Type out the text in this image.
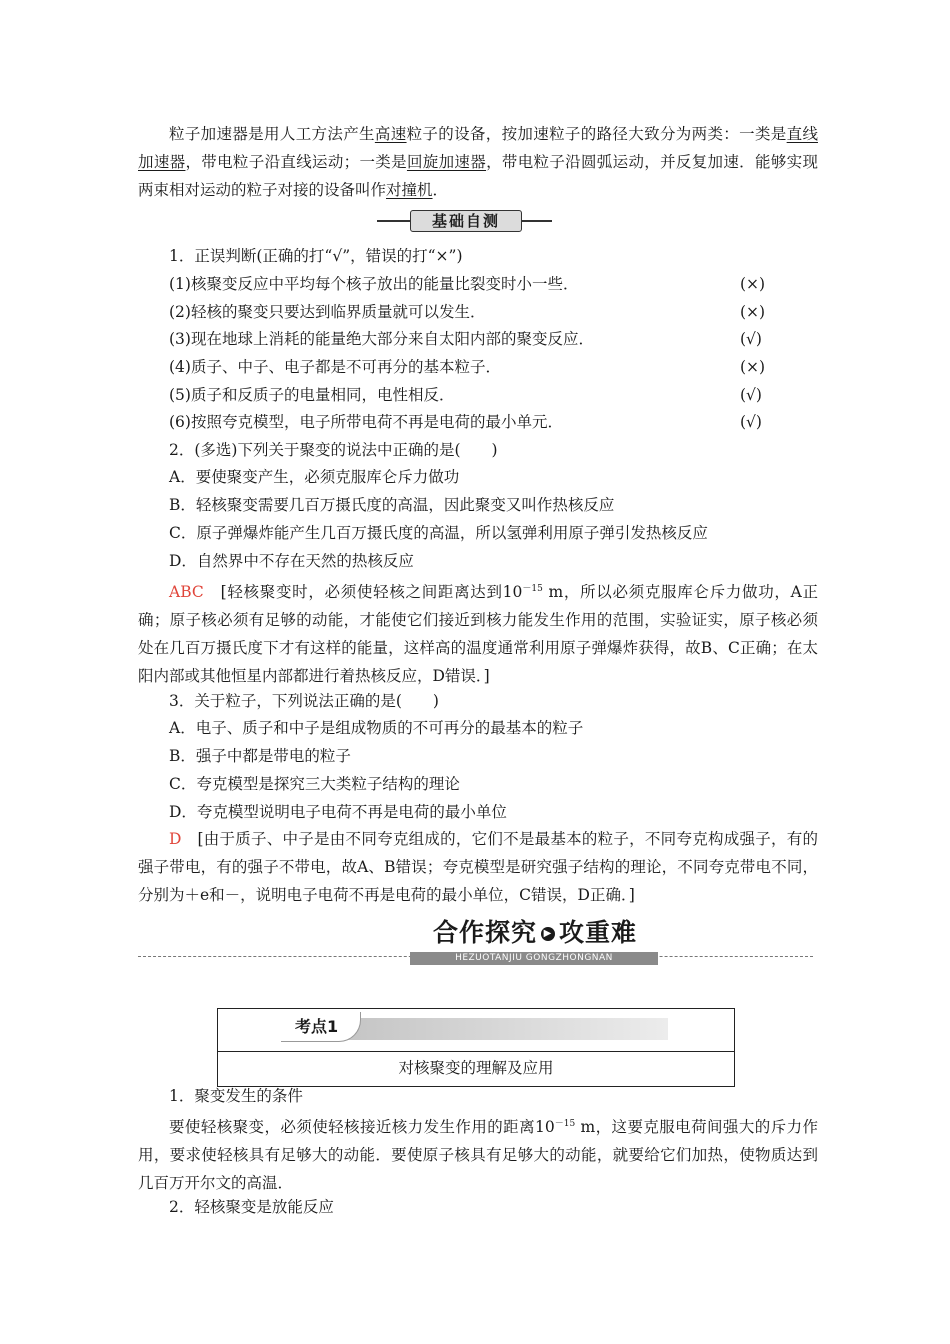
粒子加速器是用人工方法产生高速粒子的设备，按加速粒子的路径大致分为两类：一类是直线加速器，带电粒子沿直线运动；一类是回旋加速器，带电粒子沿圆弧运动，并反复加速．能够实现两束相对运动的粒子对接的设备叫作对撞机．
基础自测
1．正误判断(正确的打“√”，错误的打“×”)
(1)核聚变反应中平均每个核子放出的能量比裂变时小一些．	(×)
(2)轻核的聚变只要达到临界质量就可以发生．	(×)
(3)现在地球上消耗的能量绝大部分来自太阳内部的聚变反应．	(√)
(4)质子、中子、电子都是不可再分的基本粒子．	(×)
(5)质子和反质子的电量相同，电性相反．	(√)
(6)按照夸克模型，电子所带电荷不再是电荷的最小单元．	(√)
2．(多选)下列关于聚变的说法中正确的是(　　)
A．要使聚变产生，必须克服库仑斥力做功
B．轻核聚变需要几百万摄氏度的高温，因此聚变又叫作热核反应
C．原子弹爆炸能产生几百万摄氏度的高温，所以氢弹利用原子弹引发热核反应
D．自然界中不存在天然的热核反应
ABC　[轻核聚变时，必须使轻核之间距离达到$10^{-15}$ m，所以必须克服库仑斥力做功，A正确；原子核必须有足够的动能，才能使它们接近到核力能发生作用的范围，实验证实，原子核必须处在几百万摄氏度下才有这样的能量，这样高的温度通常利用原子弹爆炸获得，故B、C正确；在太阳内部或其他恒星内部都进行着热核反应，D错误．]
3．关于粒子，下列说法正确的是(　　)
A．电子、质子和中子是组成物质的不可再分的最基本的粒子
B．强子中都是带电的粒子
C．夸克模型是探究三大类粒子结构的理论
D．夸克模型说明电子电荷不再是电荷的最小单位
D　[由于质子、中子是由不同夸克组成的，它们不是最基本的粒子，不同夸克构成强子，有的强子带电，有的强子不带电，故A、B错误；夸克模型是研究强子结构的理论，不同夸克带电不同，分别为＋e和－，说明电子电荷不再是电荷的最小单位，C错误，D正确．]
合作探究 ▶ 攻重难
HEZUOTANJIU GONGZHONGNAN
考点1
对核聚变的理解及应用
1．聚变发生的条件
要使轻核聚变，必须使轻核接近核力发生作用的距离$10^{-15}$ m，这要克服电荷间强大的斥力作用，要求使轻核具有足够大的动能．要使原子核具有足够大的动能，就要给它们加热，使物质达到几百万开尔文的高温．
2．轻核聚变是放能反应
